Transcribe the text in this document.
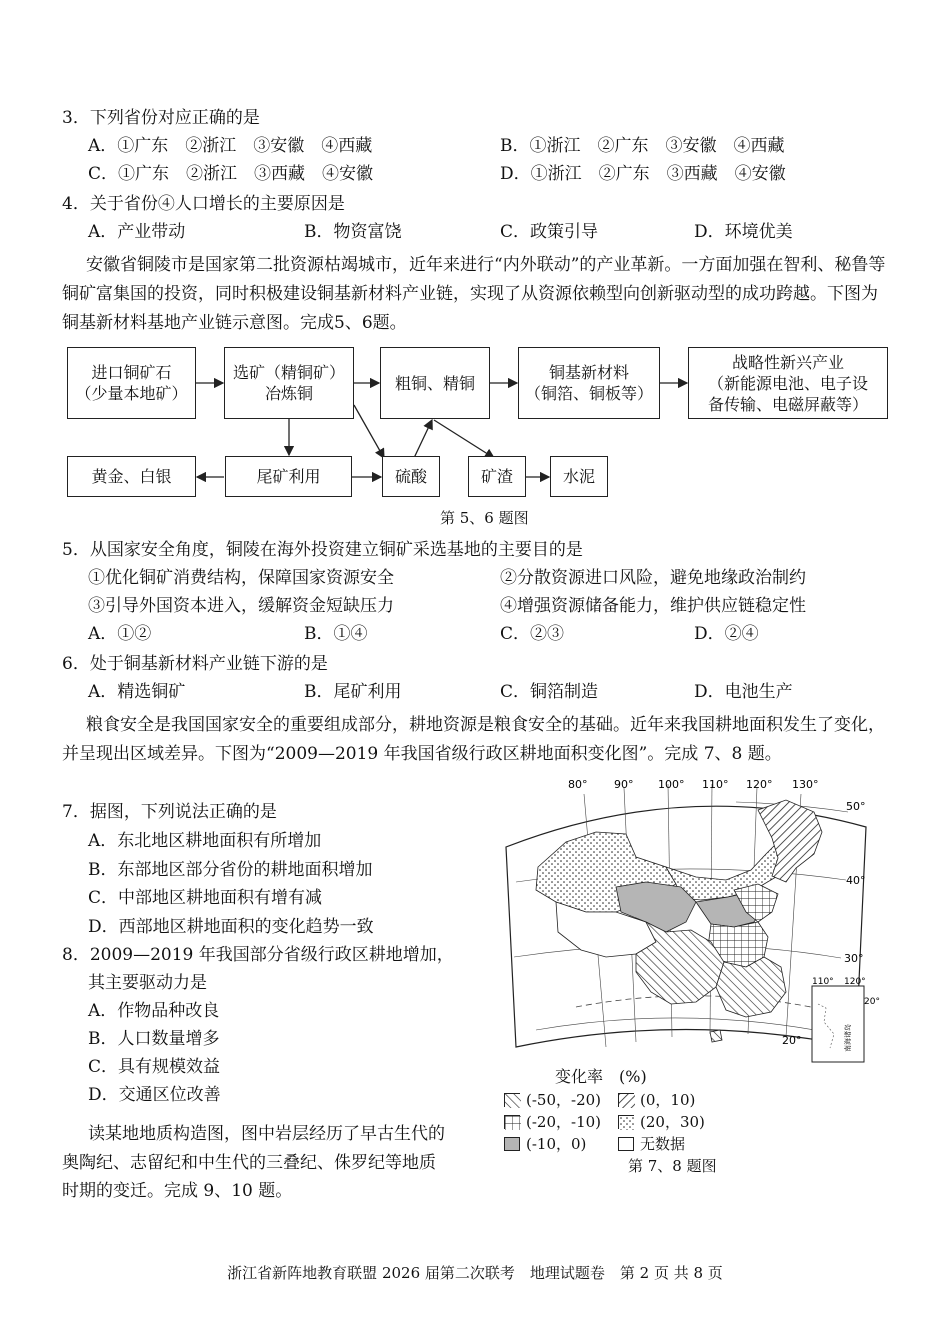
3．下列省份对应正确的是
A．①广东　②浙江　③安徽　④西藏	B．①浙江　②广东　③安徽　④西藏
C．①广东　②浙江　③西藏　④安徽	D．①浙江　②广东　③西藏　④安徽
4．关于省份④人口增长的主要原因是
A．产业带动	B．物资富饶	C．政策引导	D．环境优美
安徽省铜陵市是国家第二批资源枯竭城市，近年来进行“内外联动”的产业革新。一方面加强在智利、秘鲁等铜矿富集国的投资，同时积极建设铜基新材料产业链，实现了从资源依赖型向创新驱动型的成功跨越。下图为铜基新材料基地产业链示意图。完成5、6题。
进口铜矿石
（少量本地矿）
选矿（精铜矿）
冶炼铜
粗铜、精铜
铜基新材料
（铜箔、铜板等）
战略性新兴产业
（新能源电池、电子设
备传输、电磁屏蔽等）
黄金、白银	尾矿利用	硫酸	矿渣	水泥
第 5、6 题图
5．从国家安全角度，铜陵在海外投资建立铜矿采选基地的主要目的是
①优化铜矿消费结构，保障国家资源安全	②分散资源进口风险，避免地缘政治制约
③引导外国资本进入，缓解资金短缺压力	④增强资源储备能力，维护供应链稳定性
A．①②	B．①④	C．②③	D．②④
6．处于铜基新材料产业链下游的是
A．精选铜矿	B．尾矿利用	C．铜箔制造	D．电池生产
粮食安全是我国国家安全的重要组成部分，耕地资源是粮食安全的基础。近年来我国耕地面积发生了变化，并呈现出区域差异。下图为“2009—2019 年我国省级行政区耕地面积变化图”。完成 7、8 题。
7．据图，下列说法正确的是
A．东北地区耕地面积有所增加
B．东部地区部分省份的耕地面积增加
C．中部地区耕地面积有增有减
D．西部地区耕地面积的变化趋势一致
8．2009—2019 年我国部分省级行政区耕地增加，
其主要驱动力是
A．作物品种改良
B．人口数量增多
C．具有规模效益
D．交通区位改善
读某地地质构造图，图中岩层经历了早古生代的
奥陶纪、志留纪和中生代的三叠纪、侏罗纪等地质
时期的变迁。完成 9、10 题。
80° 90° 100° 110° 120° 130°
50°
40°
30°
20°
110° 120°
20°
南海诸岛
变化率　(%)
(-50，-20)	(0，10)
(-20，-10)	(20，30)
(-10，0)	无数据
第 7、8 题图
浙江省新阵地教育联盟 2026 届第二次联考　地理试题卷　第 2 页 共 8 页
